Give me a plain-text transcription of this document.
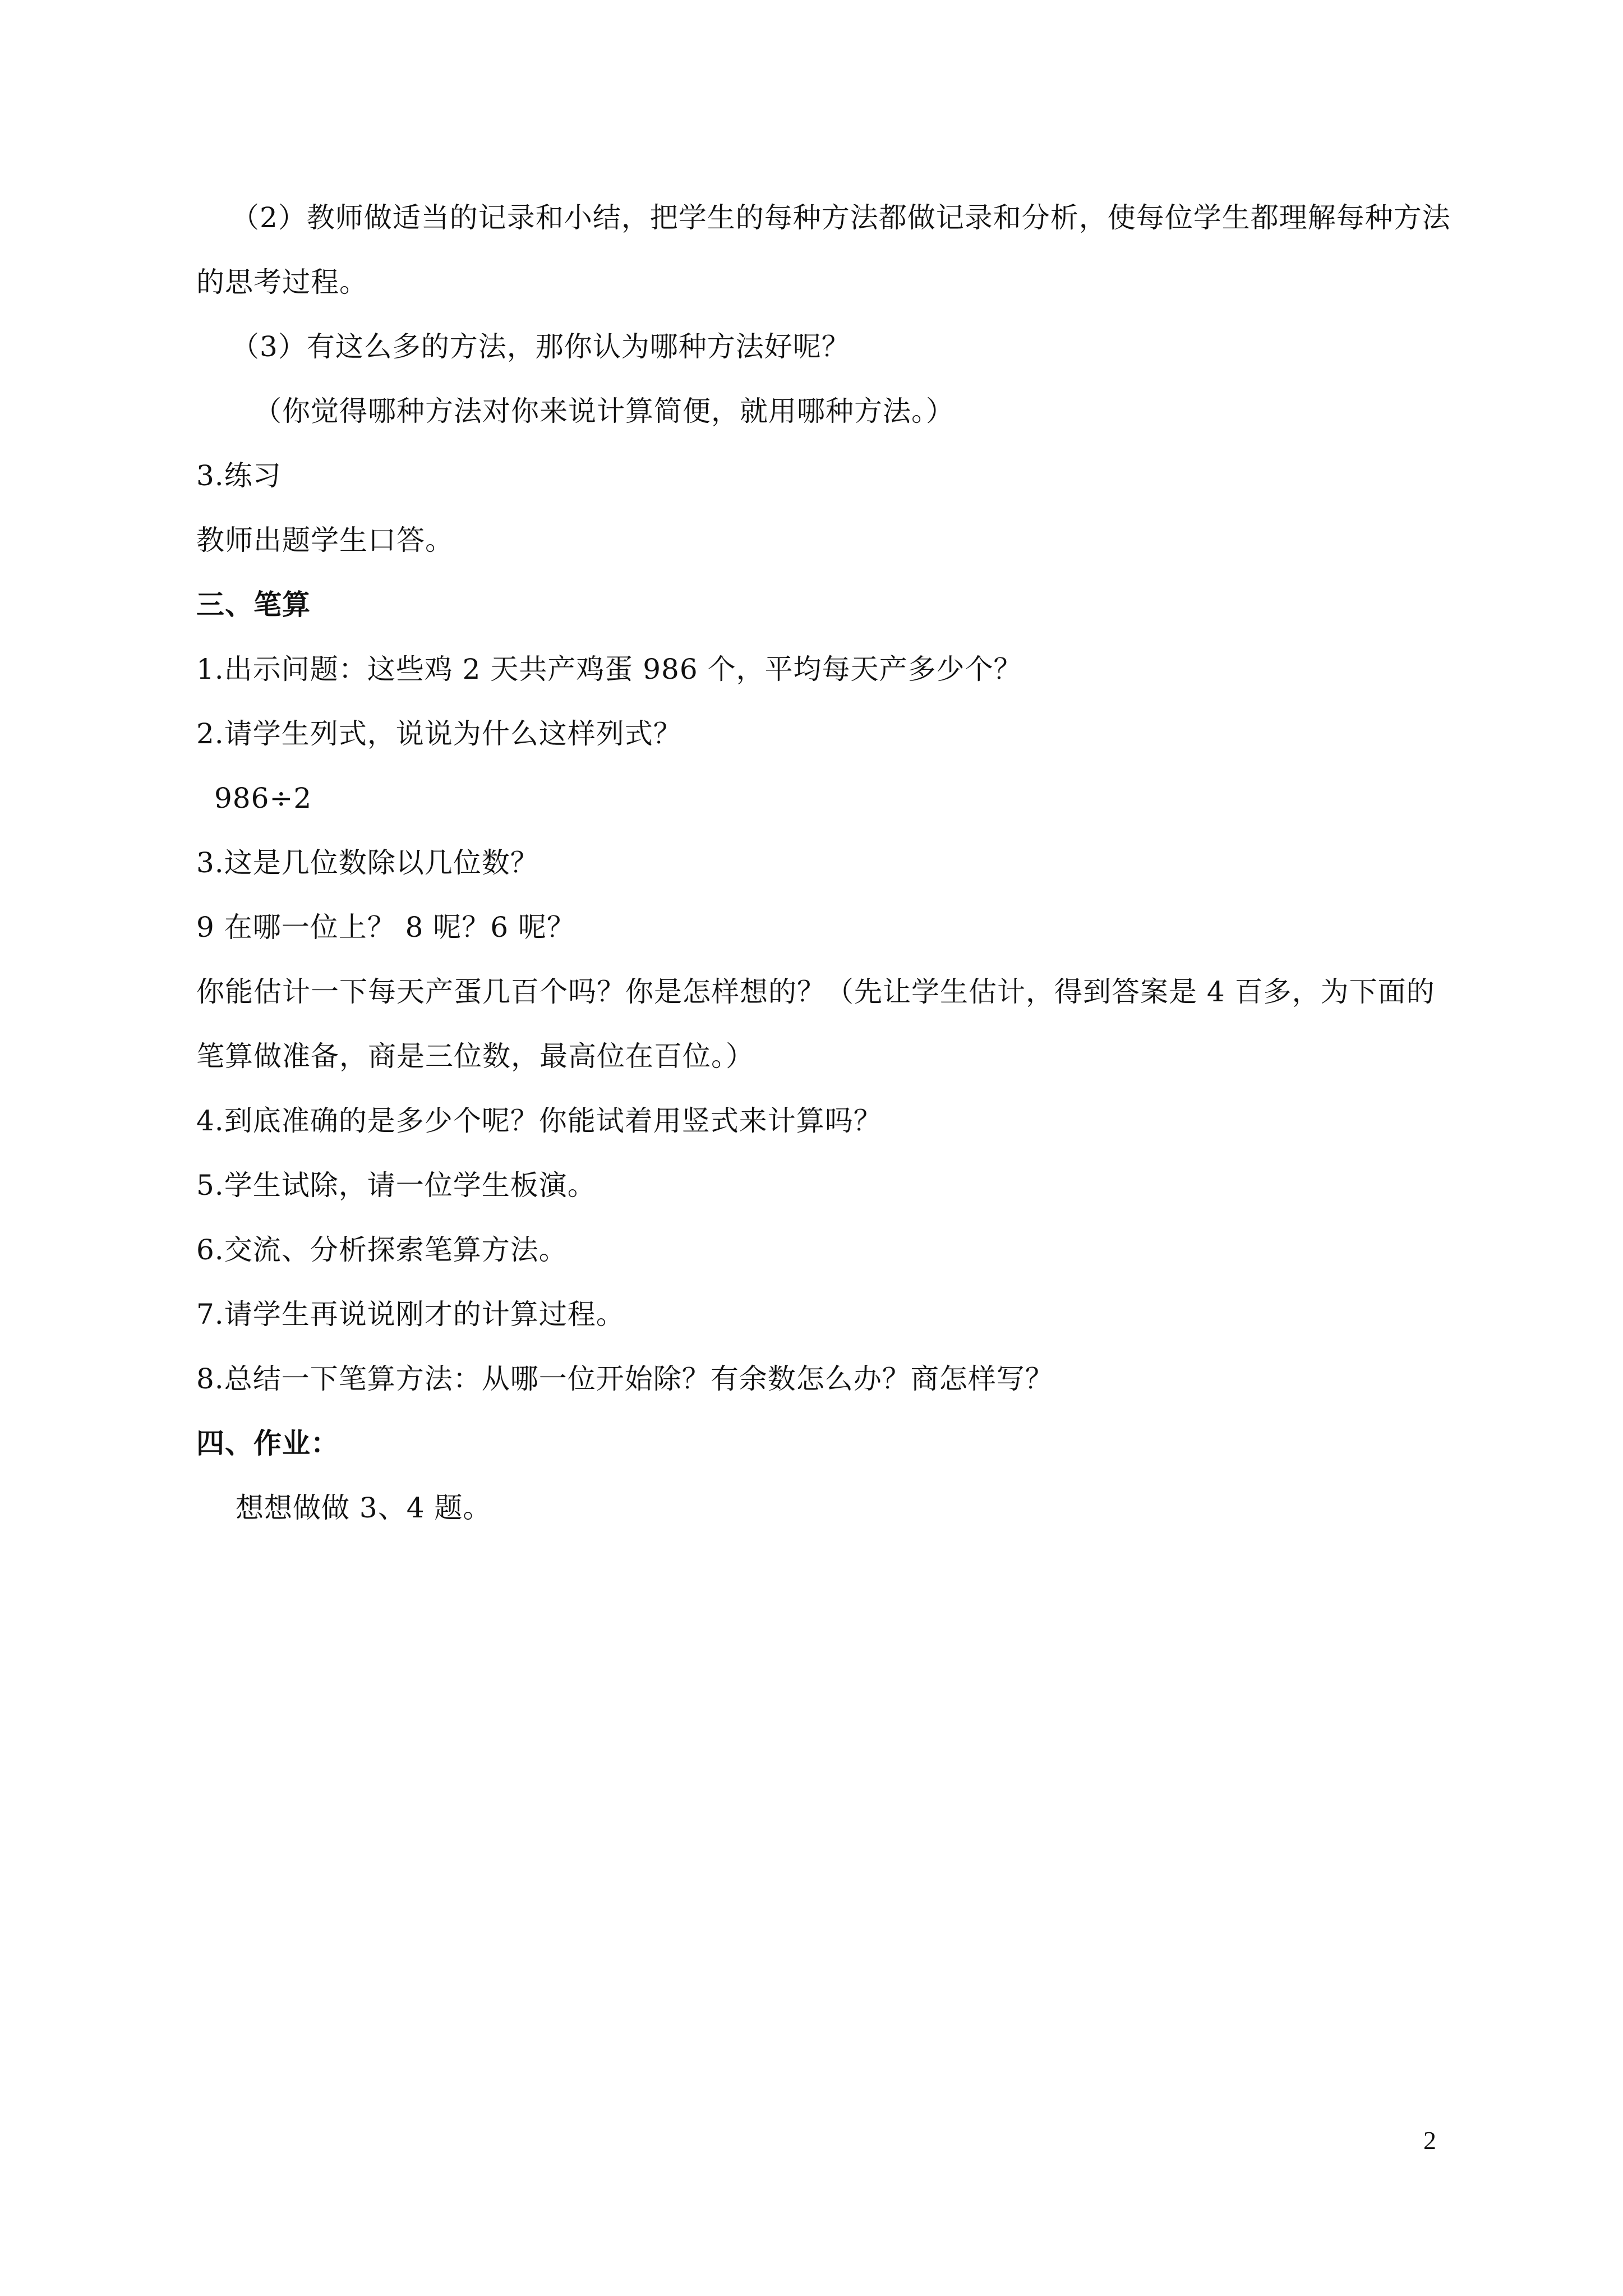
（2）教师做适当的记录和小结，把学生的每种方法都做记录和分析，使每位学生都理解每种方法
的思考过程。
（3）有这么多的方法，那你认为哪种方法好呢？
（你觉得哪种方法对你来说计算简便，就用哪种方法。）
3.练习
教师出题学生口答。
三、笔算
1.出示问题：这些鸡 2 天共产鸡蛋 986 个，平均每天产多少个？
2.请学生列式，说说为什么这样列式？
986÷2
3.这是几位数除以几位数？
9 在哪一位上？ 8 呢？6 呢？
你能估计一下每天产蛋几百个吗？你是怎样想的？（先让学生估计，得到答案是 4 百多，为下面的
笔算做准备，商是三位数，最高位在百位。）
4.到底准确的是多少个呢？你能试着用竖式来计算吗？
5.学生试除，请一位学生板演。
6.交流、分析探索笔算方法。
7.请学生再说说刚才的计算过程。
8.总结一下笔算方法：从哪一位开始除？有余数怎么办？商怎样写？
四、作业：
想想做做 3、4 题。
2
